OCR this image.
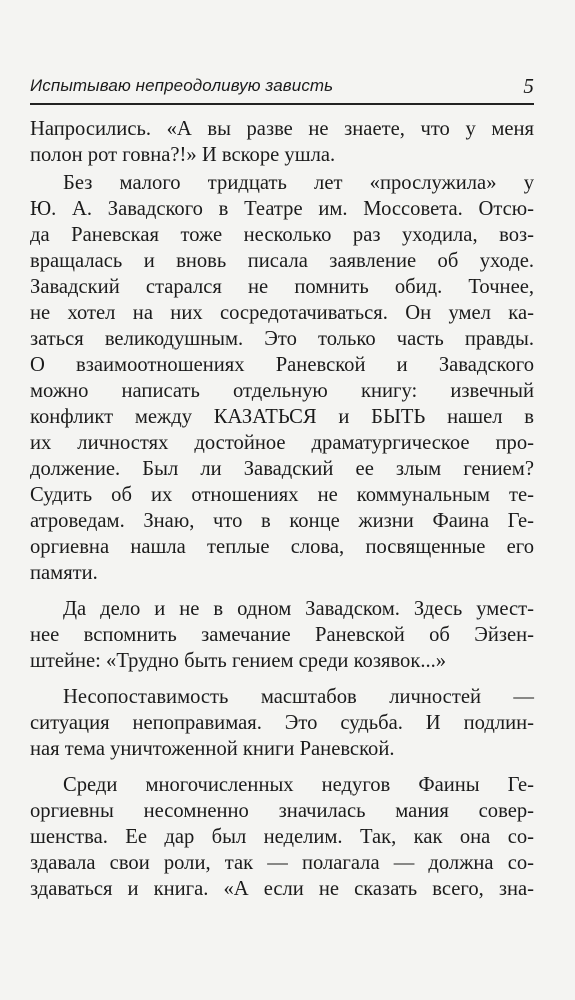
Испытываю непреодоливую зависть	5
Напросились. «А вы разве не знаете, что у меня
полон рот говна?!» И вскоре ушла.
Без малого тридцать лет «прослужила» у
Ю. А. Завадского в Театре им. Моссовета. Отсю-
да Раневская тоже несколько раз уходила, воз-
вращалась и вновь писала заявление об уходе.
Завадский старался не помнить обид. Точнее,
не хотел на них сосредотачиваться. Он умел ка-
заться великодушным. Это только часть правды.
О взаимоотношениях Раневской и Завадского
можно написать отдельную книгу: извечный
конфликт между КАЗАТЬСЯ и БЫТЬ нашел в
их личностях достойное драматургическое про-
должение. Был ли Завадский ее злым гением?
Судить об их отношениях не коммунальным те-
атроведам. Знаю, что в конце жизни Фаина Ге-
оргиевна нашла теплые слова, посвященные его
памяти.
Да дело и не в одном Завадском. Здесь умест-
нее вспомнить замечание Раневской об Эйзен-
штейне: «Трудно быть гением среди козявок...»
Несопоставимость масштабов личностей —
ситуация непоправимая. Это судьба. И подлин-
ная тема уничтоженной книги Раневской.
Среди многочисленных недугов Фаины Ге-
оргиевны несомненно значилась мания совер-
шенства. Ее дар был неделим. Так, как она со-
здавала свои роли, так — полагала — должна со-
здаваться и книга. «А если не сказать всего, зна-
